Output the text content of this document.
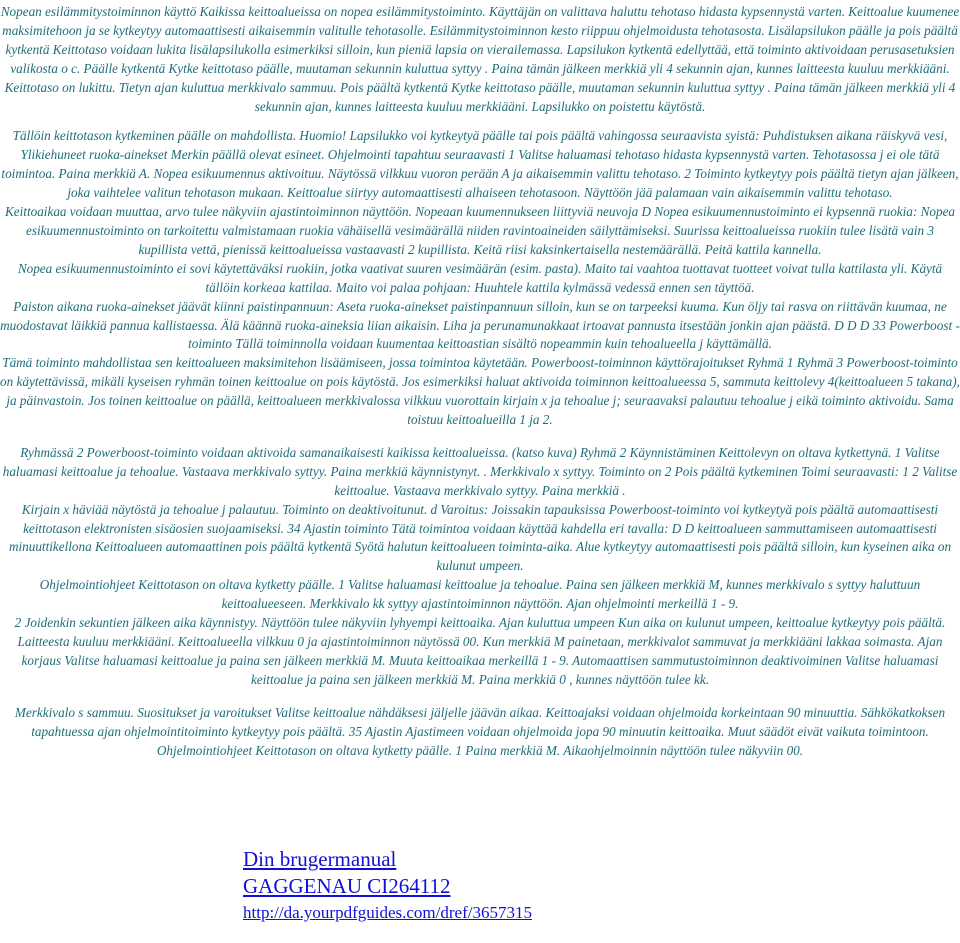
Nopean esilämmitystoiminnon käyttö Kaikissa keittoalueissa on nopea esilämmitystoiminto. Käyttäjän on valittava haluttu tehotaso hidasta kypsennystä varten. Keittoalue kuumenee maksimitehoon ja se kytkeytyy automaattisesti aikaisemmin valitulle tehotasolle. Esilämmitystoiminnon kesto riippuu ohjelmoidusta tehotasosta. Lisälapsilukon päälle ja pois päältä kytkentä Keittotaso voidaan lukita lisälapsilukolla esimerkiksi silloin, kun pieniä lapsia on vierailemassa. Lapsilukon kytkentä edellyttää, että toiminto aktivoidaan perusasetuksien valikosta o c. Päälle kytkentä Kytke keittotaso päälle, muutaman sekunnin kuluttua syttyy . Paina tämän jälkeen merkkiä yli 4 sekunnin ajan, kunnes laitteesta kuuluu merkkiääni. Keittotaso on lukittu. Tietyn ajan kuluttua merkkivalo sammuu. Pois päältä kytkentä Kytke keittotaso päälle, muutaman sekunnin kuluttua syttyy . Paina tämän jälkeen merkkiä yli 4 sekunnin ajan, kunnes laitteesta kuuluu merkkiääni. Lapsilukko on poistettu käytöstä.

Tällöin keittotason kytkeminen päälle on mahdollista. Huomio! Lapsilukko voi kytkeytyä päälle tai pois päältä vahingossa seuraavista syistä: Puhdistuksen aikana räiskyvä vesi, Ylikiehuneet ruoka-ainekset Merkin päällä olevat esineet. Ohjelmointi tapahtuu seuraavasti 1 Valitse haluamasi tehotaso hidasta kypsennystä varten. Tehotasossa j ei ole tätä toimintoa. Paina merkkiä A. Nopea esikuumennus aktivoituu. Näytössä vilkkuu vuoron perään A ja aikaisemmin valittu tehotaso. 2 Toiminto kytkeytyy pois päältä tietyn ajan jälkeen, joka vaihtelee valitun tehotason mukaan. Keittoalue siirtyy automaattisesti alhaiseen tehotasoon. Näyttöön jää palamaan vain aikaisemmin valittu tehotaso.

Keittoaikaa voidaan muuttaa, arvo tulee näkyviin ajastintoiminnon näyttöön. Nopeaan kuumennukseen liittyviä neuvoja D Nopea esikuumennustoiminto ei kypsennä ruokia: Nopea esikuumennustoiminto on tarkoitettu valmistamaan ruokia vähäisellä vesimäärällä niiden ravintoaineiden säilyttämiseksi. Suurissa keittoalueissa ruokiin tulee lisätä vain 3 kupillista vettä, pienissä keittoalueissa vastaavasti 2 kupillista. Keitä riisi kaksinkertaisella nestemäärällä. Peitä kattila kannella.

Nopea esikuumennustoiminto ei sovi käytettäväksi ruokiin, jotka vaativat suuren vesimäärän (esim. pasta). Maito tai vaahtoa tuottavat tuotteet voivat tulla kattilasta yli. Käytä tällöin korkeaa kattilaa. Maito voi palaa pohjaan: Huuhtele kattila kylmässä vedessä ennen sen täyttöä.

Paiston aikana ruoka-ainekset jäävät kiinni paistinpannuun: Aseta ruoka-ainekset paistinpannuun silloin, kun se on tarpeeksi kuuma. Kun öljy tai rasva on riittävän kuumaa, ne muodostavat läikkiä pannua kallistaessa. Älä käännä ruoka-aineksia liian aikaisin. Liha ja perunamunakkaat irtoavat pannusta itsestään jonkin ajan päästä. D D D 33 Powerboost -toiminto Tällä toiminnolla voidaan kuumentaa keittoastian sisältö nopeammin kuin tehoalueella j käyttämällä.

Tämä toiminto mahdollistaa sen keittoalueen maksimitehon lisäämiseen, jossa toimintoa käytetään. Powerboost-toiminnon käyttörajoitukset Ryhmä 1 Ryhmä 3 Powerboost-toiminto on käytettävissä, mikäli kyseisen ryhmän toinen keittoalue on pois käytöstä. Jos esimerkiksi haluat aktivoida toiminnon keittoalueessa 5, sammuta keittolevy 4(keittoalueen 5 takana), ja päinvastoin. Jos toinen keittoalue on päällä, keittoalueen merkkivalossa vilkkuu vuorottain kirjain x ja tehoalue j; seuraavaksi palautuu tehoalue j eikä toiminto aktivoidu. Sama toistuu keittoalueilla 1 ja 2.

Ryhmässä 2 Powerboost-toiminto voidaan aktivoida samanaikaisesti kaikissa keittoalueissa. (katso kuva) Ryhmä 2 Käynnistäminen Keittolevyn on oltava kytkettynä. 1 Valitse haluamasi keittoalue ja tehoalue. Vastaava merkkivalo syttyy. Paina merkkiä käynnistynyt. . Merkkivalo x syttyy. Toiminto on 2 Pois päältä kytkeminen Toimi seuraavasti: 1 2 Valitse keittoalue. Vastaava merkkivalo syttyy. Paina merkkiä .

Kirjain x häviää näytöstä ja tehoalue j palautuu. Toiminto on deaktivoitunut. d Varoitus: Joissakin tapauksissa Powerboost-toiminto voi kytkeytyä pois päältä automaattisesti keittotason elektronisten sisäosien suojaamiseksi. 34 Ajastin toiminto Tätä toimintoa voidaan käyttää kahdella eri tavalla: D D keittoalueen sammuttamiseen automaattisesti minuuttikellona Keittoalueen automaattinen pois päältä kytkentä Syötä halutun keittoalueen toiminta-aika. Alue kytkeytyy automaattisesti pois päältä silloin, kun kyseinen aika on kulunut umpeen.

Ohjelmointiohjeet Keittotason on oltava kytketty päälle. 1 Valitse haluamasi keittoalue ja tehoalue. Paina sen jälkeen merkkiä M, kunnes merkkivalo s syttyy haluttuun keittoalueeseen. Merkkivalo kk syttyy ajastintoiminnon näyttöön. Ajan ohjelmointi merkeillä 1 - 9.

2 Joidenkin sekuntien jälkeen aika käynnistyy. Näyttöön tulee näkyviin lyhyempi keittoaika. Ajan kuluttua umpeen Kun aika on kulunut umpeen, keittoalue kytkeytyy pois päältä. Laitteesta kuuluu merkkiääni. Keittoalueella vilkkuu 0 ja ajastintoiminnon näytössä 00. Kun merkkiä M painetaan, merkkivalot sammuvat ja merkkiääni lakkaa soimasta. Ajan korjaus Valitse haluamasi keittoalue ja paina sen jälkeen merkkiä M. Muuta keittoaikaa merkeillä 1 - 9. Automaattisen sammutustoiminnon deaktivoiminen Valitse haluamasi keittoalue ja paina sen jälkeen merkkiä M. Paina merkkiä 0 , kunnes näyttöön tulee kk.

Merkkivalo s sammuu. Suositukset ja varoitukset Valitse keittoalue nähdäksesi jäljelle jäävän aikaa. Keittoajaksi voidaan ohjelmoida korkeintaan 90 minuuttia. Sähkökatkoksen tapahtuessa ajan ohjelmointitoiminto kytkeytyy pois päältä. 35 Ajastin Ajastimeen voidaan ohjelmoida jopa 90 minuutin keittoaika. Muut säädöt eivät vaikuta toimintoon. Ohjelmointiohjeet Keittotason on oltava kytketty päälle. 1 Paina merkkiä M. Aikaohjelmoinnin näyttöön tulee näkyviin 00.

Din brugermanual
GAGGENAU CI264112
http://da.yourpdfguides.com/dref/3657315
